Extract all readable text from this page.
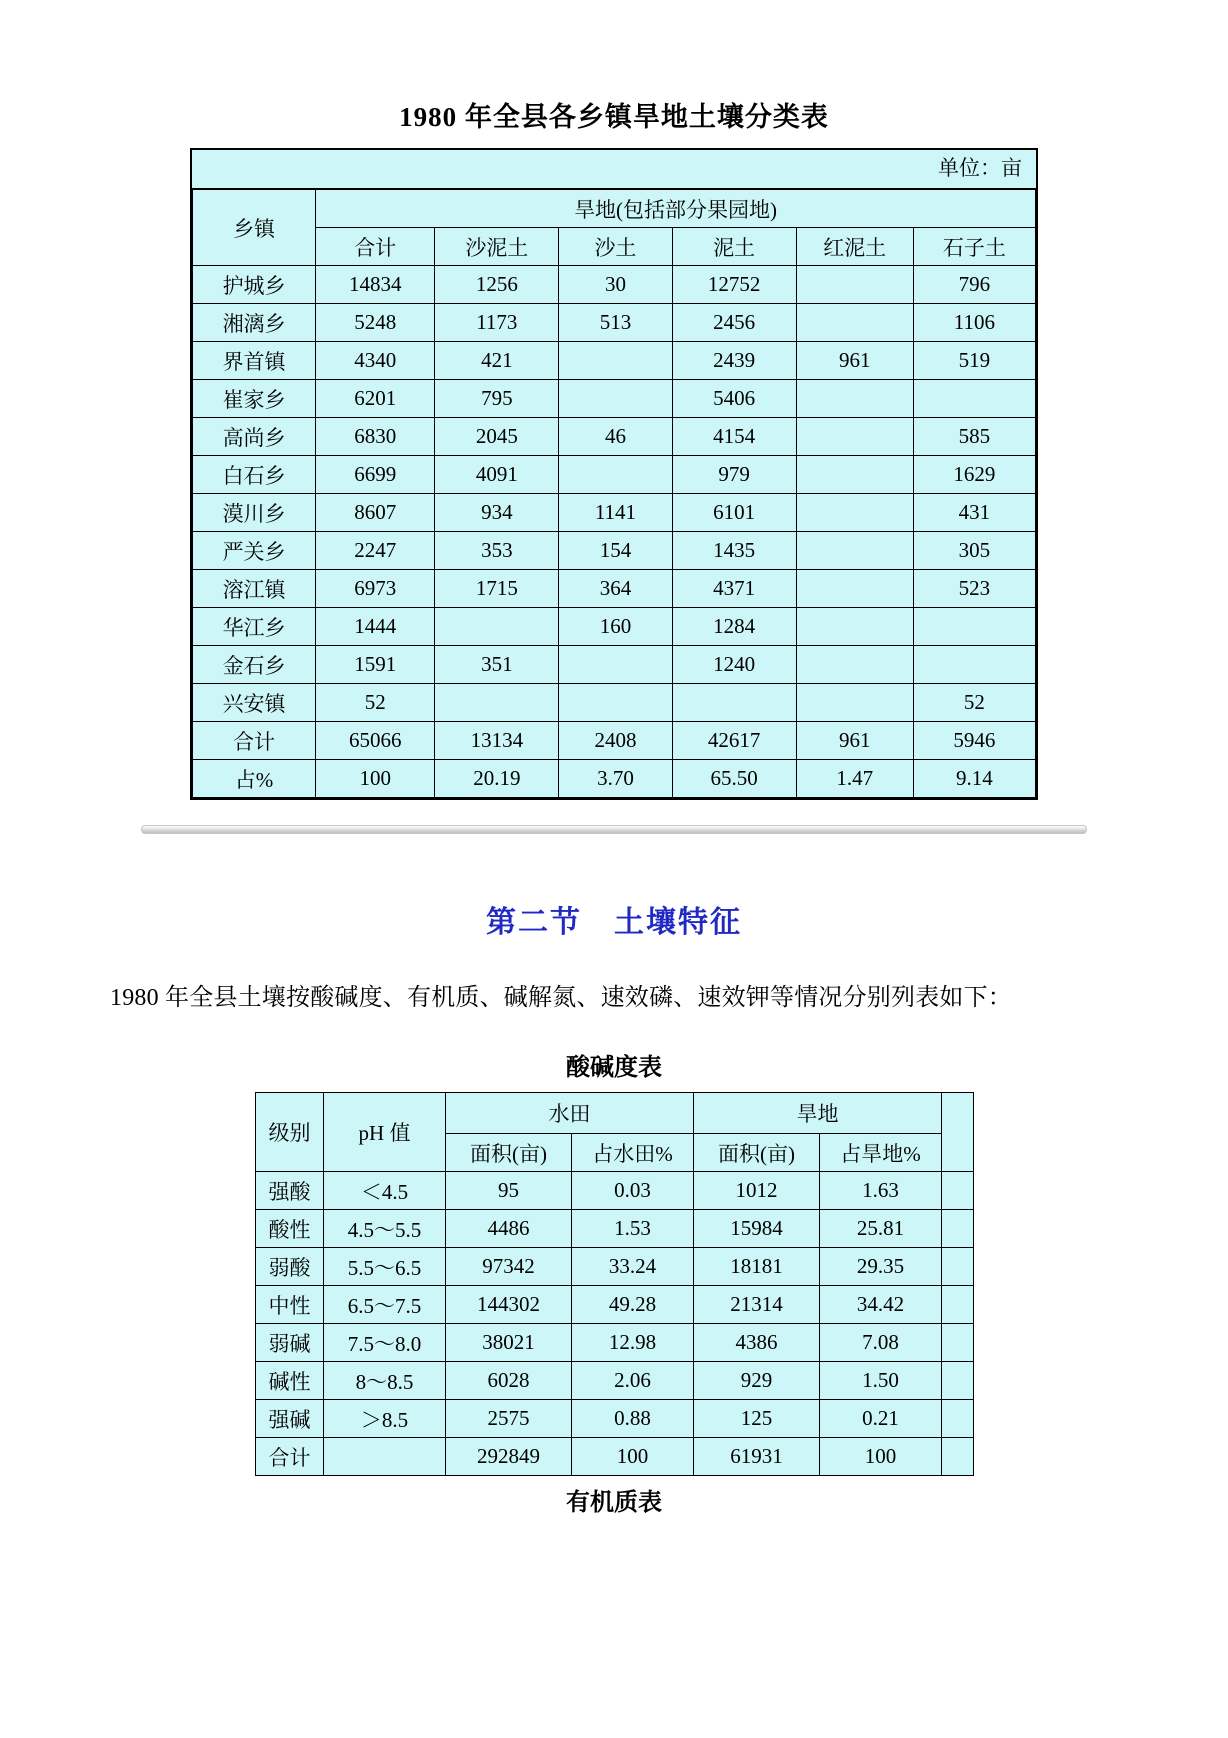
1980 年全县各乡镇旱地土壤分类表
单位：亩
乡镇	旱地(包括部分果园地)					
	合计	沙泥土	沙土	泥土	红泥土	石子土
护城乡	14834	1256	30	12752		796
湘漓乡	5248	1173	513	2456		1106
界首镇	4340	421		2439	961	519
崔家乡	6201	795		5406		
高尚乡	6830	2045	46	4154		585
白石乡	6699	4091		979		1629
漠川乡	8607	934	1141	6101		431
严关乡	2247	353	154	1435		305
溶江镇	6973	1715	364	4371		523
华江乡	1444		160	1284		
金石乡	1591	351		1240		
兴安镇	52					52
合计	65066	13134	2408	42617	961	5946
占%	100	20.19	3.70	65.50	1.47	9.14
第二节　土壤特征

1980 年全县土壤按酸碱度、有机质、碱解氮、速效磷、速效钾等情况分别列表如下：

酸碱度表
级别	pH 值	水田		旱地		
		面积(亩)	占水田%	面积(亩)	占旱地%	
强酸	＜4.5	95	0.03	1012	1.63	
酸性	4.5～5.5	4486	1.53	15984	25.81	
弱酸	5.5～6.5	97342	33.24	18181	29.35	
中性	6.5～7.5	144302	49.28	21314	34.42	
弱碱	7.5～8.0	38021	12.98	4386	7.08	
碱性	8～8.5	6028	2.06	929	1.50	
强碱	＞8.5	2575	0.88	125	0.21	
合计		292849	100	61931	100	
有机质表
